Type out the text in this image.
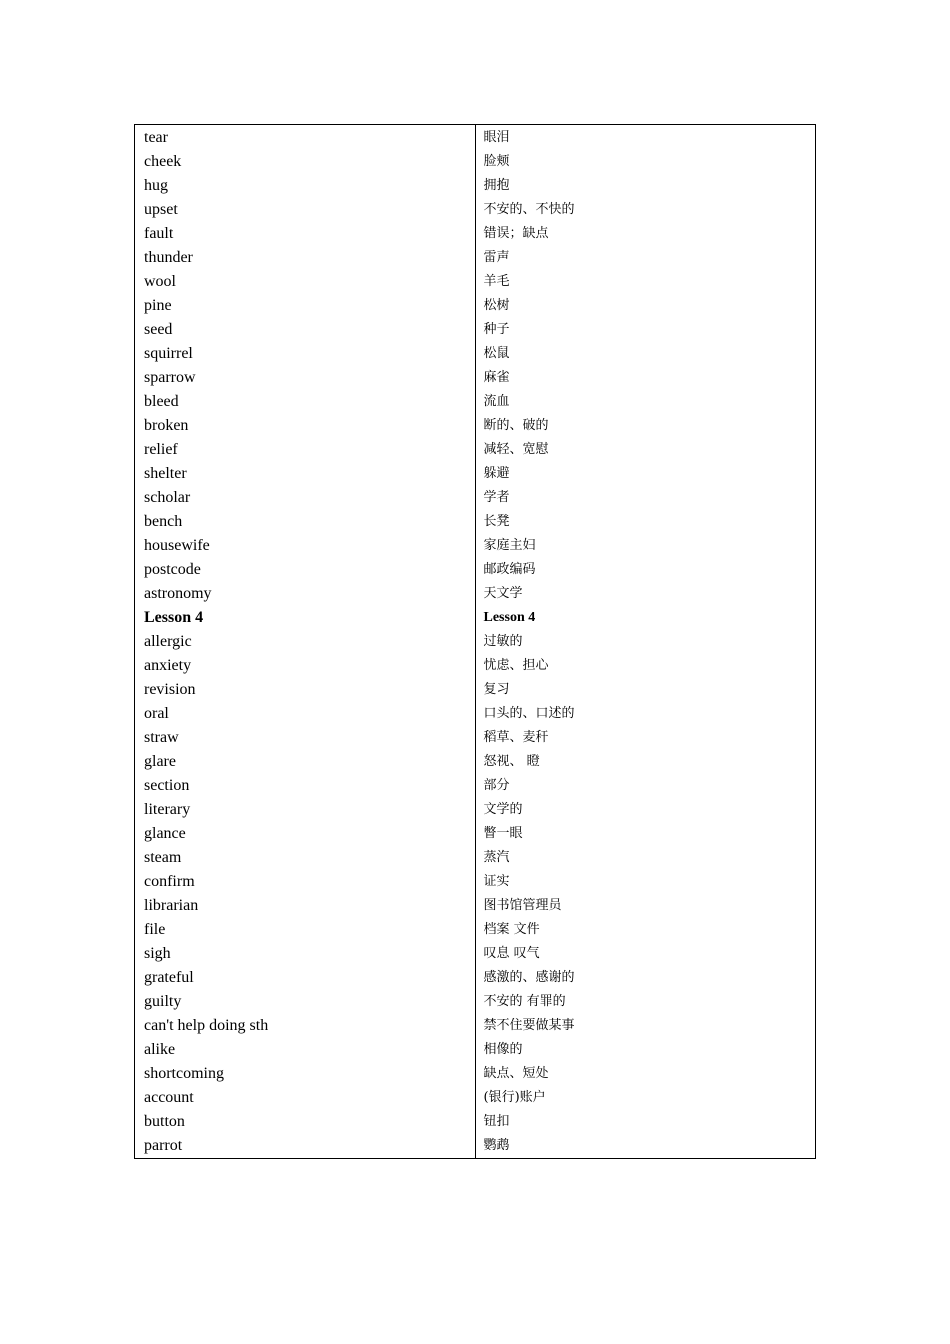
tear	眼泪
cheek	脸颊
hug	拥抱
upset	不安的、不快的
fault	错误；缺点
thunder	雷声
wool	羊毛
pine	松树
seed	种子
squirrel	松鼠
sparrow	麻雀
bleed	流血
broken	断的、破的
relief	减轻、宽慰
shelter	躲避
scholar	学者
bench	长凳
housewife	家庭主妇
postcode	邮政编码
astronomy	天文学
Lesson 4	Lesson 4
allergic	过敏的
anxiety	忧虑、担心
revision	复习
oral	口头的、口述的
straw	稻草、麦秆
glare	怒视、 瞪
section	部分
literary	文学的
glance	瞥一眼
steam	蒸汽
confirm	证实
librarian	图书馆管理员
file	档案 文件
sigh	叹息 叹气
grateful	感激的、感谢的
guilty	不安的 有罪的
can't help doing sth	禁不住要做某事
alike	相像的
shortcoming	缺点、短处
account	(银行)账户
button	钮扣
parrot	鹦鹉
